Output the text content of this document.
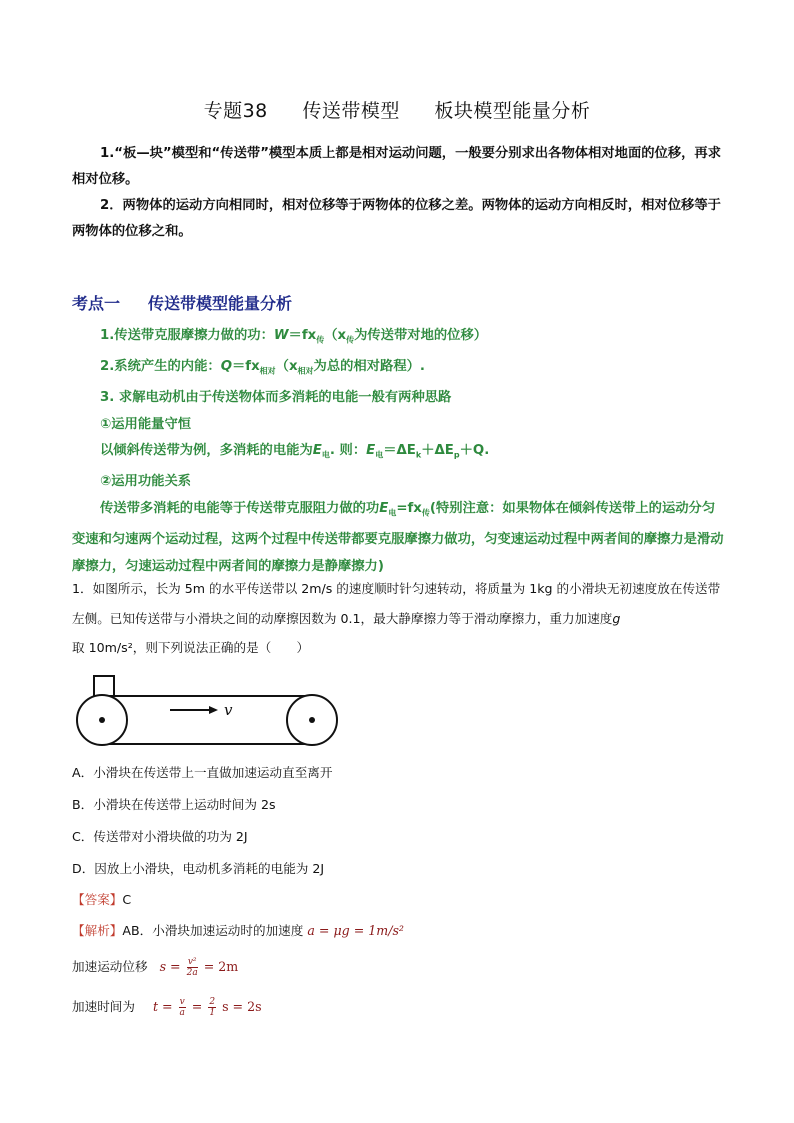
专题38 传送带模型 板块模型能量分析

1.“板—块”模型和“传送带”模型本质上都是相对运动问题，一般要分别求出各物体相对地面的位移，再求相对位移。

2．两物体的运动方向相同时，相对位移等于两物体的位移之差。两物体的运动方向相反时，相对位移等于两物体的位移之和。

考点一 传送带模型能量分析

1.传送带克服摩擦力做的功：$W=fx_传(x_传$为传送带对地的位移）

2.系统产生的内能：$Q=fx_{相对}(x_{相对}$为总的相对路程）.

3. 求解电动机由于传送物体而多消耗的电能一般有两种思路

①运用能量守恒

以倾斜传送带为例，多消耗的电能为$E_电$. 则：$E_电=\Delta E_k+\Delta E_p+Q$.

②运用功能关系

传送带多消耗的电能等于传送带克服阻力做的功$E_电=fx_传$(特别注意：如果物体在倾斜传送带上的运动分匀变速和匀速两个运动过程，这两个过程中传送带都要克服摩擦力做功，匀变速运动过程中两者间的摩擦力是滑动摩擦力，匀速运动过程中两者间的摩擦力是静摩擦力)

1．如图所示，长为 5m 的水平传送带以 2m/s 的速度顺时针匀速转动，将质量为 1kg 的小滑块无初速度放在传送带左侧。已知传送带与小滑块之间的动摩擦因数为 0.1，最大静摩擦力等于滑动摩擦力，重力加速度g
取 10m/s²，则下列说法正确的是（　　）

v
A．小滑块在传送带上一直做加速运动直至离开
B．小滑块在传送带上运动时间为 2s
C．传送带对小滑块做的功为 2J
D．因放上小滑块，电动机多消耗的电能为 2J
【答案】C
【解析】AB．小滑块加速运动时的加速度 a = μg = 1m/s²
加速运动位移 $s = \frac{\text{v²}}{2a} = 2m$
加速时间为 $t = \frac{v}{a} = \frac{2}{1}$ s = 2s
